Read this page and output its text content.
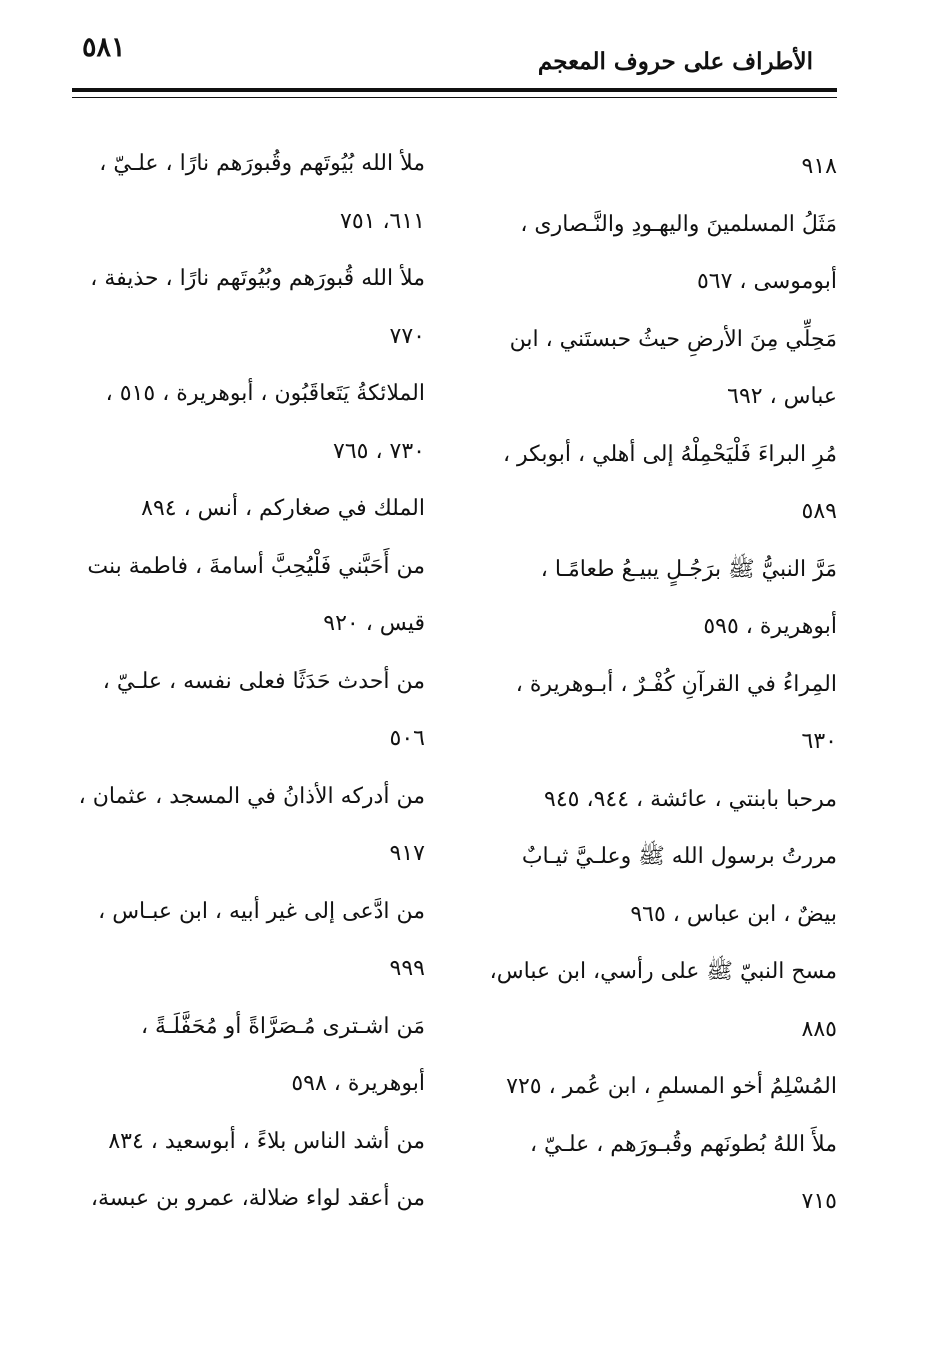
٥٨١	الأطراف على حروف المعجم

٩١٨

مَثَلُ المسلمينَ واليهـودِ والنَّـصارى ،
أبوموسى ، ٥٦٧

مَحِلِّي مِنَ الأرضِ حيثُ حبستَني ، ابن
عباس ، ٦٩٢

مُرِ البراءَ فَلْيَحْمِلْهُ إلى أهلي ، أبوبكر ،
٥٨٩

مَرَّ النبيُّ ﷺ برَجُـلٍ يبيـعُ طعامًـا ،
أبوهريرة ، ٥٩٥

المِراءُ في القرآنِ كُفْـرٌ ، أبـوهريرة ،
٦٣٠

مرحبا بابنتي ، عائشة ، ٩٤٤، ٩٤٥

مررتُ برسول الله ﷺ وعلـيَّ ثيـابٌ
بيضٌ ، ابن عباس ، ٩٦٥

مسح النبيّ ﷺ على رأسي، ابن عباس،
٨٨٥

المُسْلِمُ أخو المسلمِ ، ابن عُمر ، ٧٢٥

ملأَ اللهُ بُطونَهم وقُبـورَهم ، علـيّ ،
٧١٥

ملأ الله بُيُوتَهم وقُبورَهم نارًا ، علـيّ ،
٦١١، ٧٥١

ملأ الله قُبورَهم وبُيُوتَهم نارًا ، حذيفة ،
٧٧٠

الملائكةُ يَتَعاقَبُون ، أبوهريرة ، ٥١٥ ،
٧٣٠ ، ٧٦٥

الملك في صغاركم ، أنس ، ٨٩٤

من أَحَبَّني فَلْيُحِبَّ أسامةَ ، فاطمة بنت
قيس ، ٩٢٠

من أحدث حَدَثًا فعلى نفسه ، علـيّ ،
٥٠٦

من أدركه الأذانُ في المسجد ، عثمان ،
٩١٧

من ادَّعى إلى غير أبيه ، ابن عبـاس ،
٩٩٩

مَن اشـترى مُـصَرَّاةً أو مُحَفَّلَـةً ،
أبوهريرة ، ٥٩٨

من أشد الناس بلاءً ، أبوسعيد ، ٨٣٤

من أعقد لواء ضلالة، عمرو بن عبسة،
